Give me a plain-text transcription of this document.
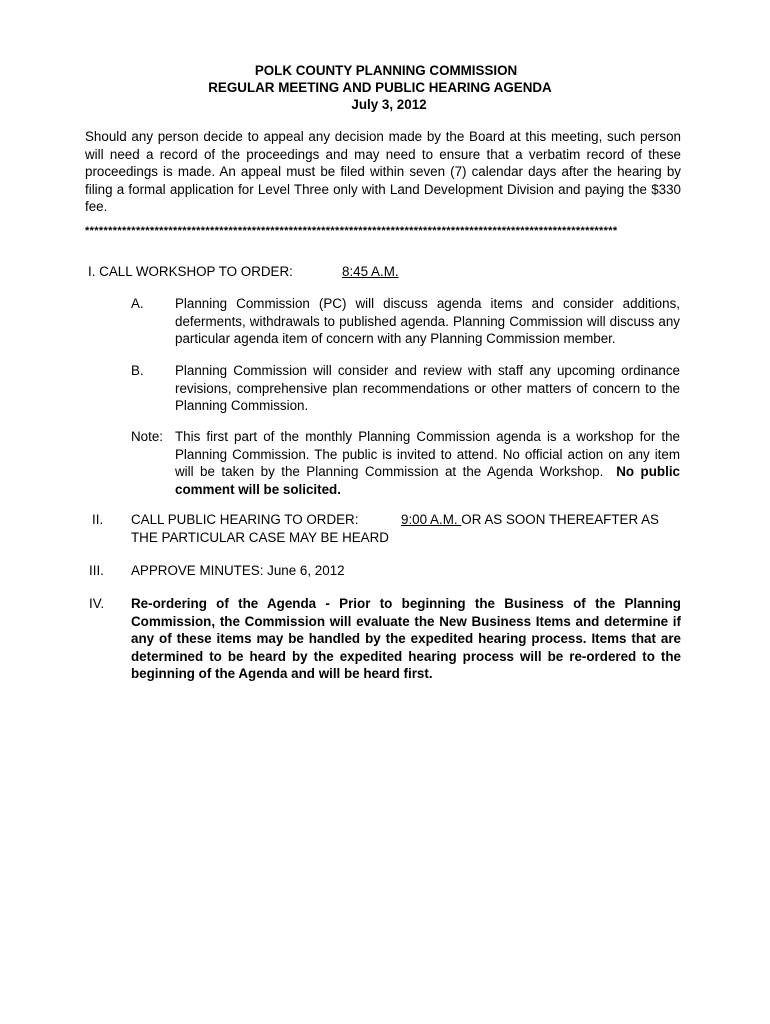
POLK COUNTY PLANNING COMMISSION
REGULAR MEETING AND PUBLIC HEARING AGENDA
July 3, 2012
Should any person decide to appeal any decision made by the Board at this meeting, such person will need a record of the proceedings and may need to ensure that a verbatim record of these proceedings is made. An appeal must be filed within seven (7) calendar days after the hearing by filing a formal application for Level Three only with Land Development Division and paying the $330 fee.
*******************************************************************************************************************
I. CALL WORKSHOP TO ORDER:	8:45 A.M.
A. Planning Commission (PC) will discuss agenda items and consider additions, deferments, withdrawals to published agenda. Planning Commission will discuss any particular agenda item of concern with any Planning Commission member.
B. Planning Commission will consider and review with staff any upcoming ordinance revisions, comprehensive plan recommendations or other matters of concern to the Planning Commission.
Note: This first part of the monthly Planning Commission agenda is a workshop for the Planning Commission. The public is invited to attend. No official action on any item will be taken by the Planning Commission at the Agenda Workshop. No public comment will be solicited.
II. CALL PUBLIC HEARING TO ORDER:	9:00 A.M. OR AS SOON THEREAFTER AS
THE PARTICULAR CASE MAY BE HEARD
III. APPROVE MINUTES: June 6, 2012
IV. Re-ordering of the Agenda - Prior to beginning the Business of the Planning Commission, the Commission will evaluate the New Business Items and determine if any of these items may be handled by the expedited hearing process. Items that are determined to be heard by the expedited hearing process will be re-ordered to the beginning of the Agenda and will be heard first.
